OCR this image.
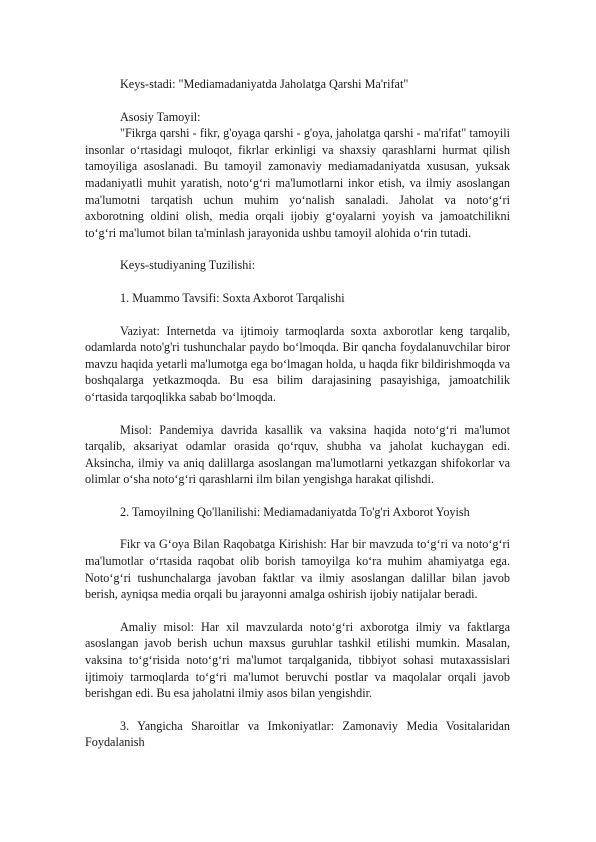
Keys-stadi: "Mediamadaniyatda Jaholatga Qarshi Ma'rifat"

Asosiy Tamoyil:

"Fikrga qarshi - fikr, g'oyaga qarshi - g'oya, jaholatga qarshi - ma'rifat" tamoyili insonlar o‘rtasidagi muloqot, fikrlar erkinligi va shaxsiy qarashlarni hurmat qilish tamoyiliga asoslanadi. Bu tamoyil zamonaviy mediamadaniyatda xususan, yuksak madaniyatli muhit yaratish, noto‘g‘ri ma'lumotlarni inkor etish, va ilmiy asoslangan ma'lumotni tarqatish uchun muhim yo‘nalish sanaladi. Jaholat va noto‘g‘ri axborotning oldini olish, media orqali ijobiy g‘oyalarni yoyish va jamoatchilikni to‘g‘ri ma'lumot bilan ta'minlash jarayonida ushbu tamoyil alohida o‘rin tutadi.

Keys-studiyaning Tuzilishi:

1. Muammo Tavsifi: Soxta Axborot Tarqalishi

Vaziyat: Internetda va ijtimoiy tarmoqlarda soxta axborotlar keng tarqalib, odamlarda noto'g'ri tushunchalar paydo bo‘lmoqda. Bir qancha foydalanuvchilar biror mavzu haqida yetarli ma'lumotga ega bo‘lmagan holda, u haqda fikr bildirishmoqda va boshqalarga yetkazmoqda. Bu esa bilim darajasining pasayishiga, jamoatchilik o‘rtasida tarqoqlikka sabab bo‘lmoqda.

Misol: Pandemiya davrida kasallik va vaksina haqida noto‘g‘ri ma'lumot tarqalib, aksariyat odamlar orasida qo‘rquv, shubha va jaholat kuchaygan edi. Aksincha, ilmiy va aniq dalillarga asoslangan ma'lumotlarni yetkazgan shifokorlar va olimlar o‘sha noto‘g‘ri qarashlarni ilm bilan yengishga harakat qilishdi.

2. Tamoyilning Qo'llanilishi: Mediamadaniyatda To'g'ri Axborot Yoyish

Fikr va G‘oya Bilan Raqobatga Kirishish: Har bir mavzuda to‘g‘ri va noto‘g‘ri ma'lumotlar o‘rtasida raqobat olib borish tamoyilga ko‘ra muhim ahamiyatga ega. Noto‘g‘ri tushunchalarga javoban faktlar va ilmiy asoslangan dalillar bilan javob berish, ayniqsa media orqali bu jarayonni amalga oshirish ijobiy natijalar beradi.

Amaliy misol: Har xil mavzularda noto‘g‘ri axborotga ilmiy va faktlarga asoslangan javob berish uchun maxsus guruhlar tashkil etilishi mumkin. Masalan, vaksina to‘g‘risida noto‘g‘ri ma'lumot tarqalganida, tibbiyot sohasi mutaxassislari ijtimoiy tarmoqlarda to‘g‘ri ma'lumot beruvchi postlar va maqolalar orqali javob berishgan edi. Bu esa jaholatni ilmiy asos bilan yengishdir.

3. Yangicha Sharoitlar va Imkoniyatlar: Zamonaviy Media Vositalaridan Foydalanish
